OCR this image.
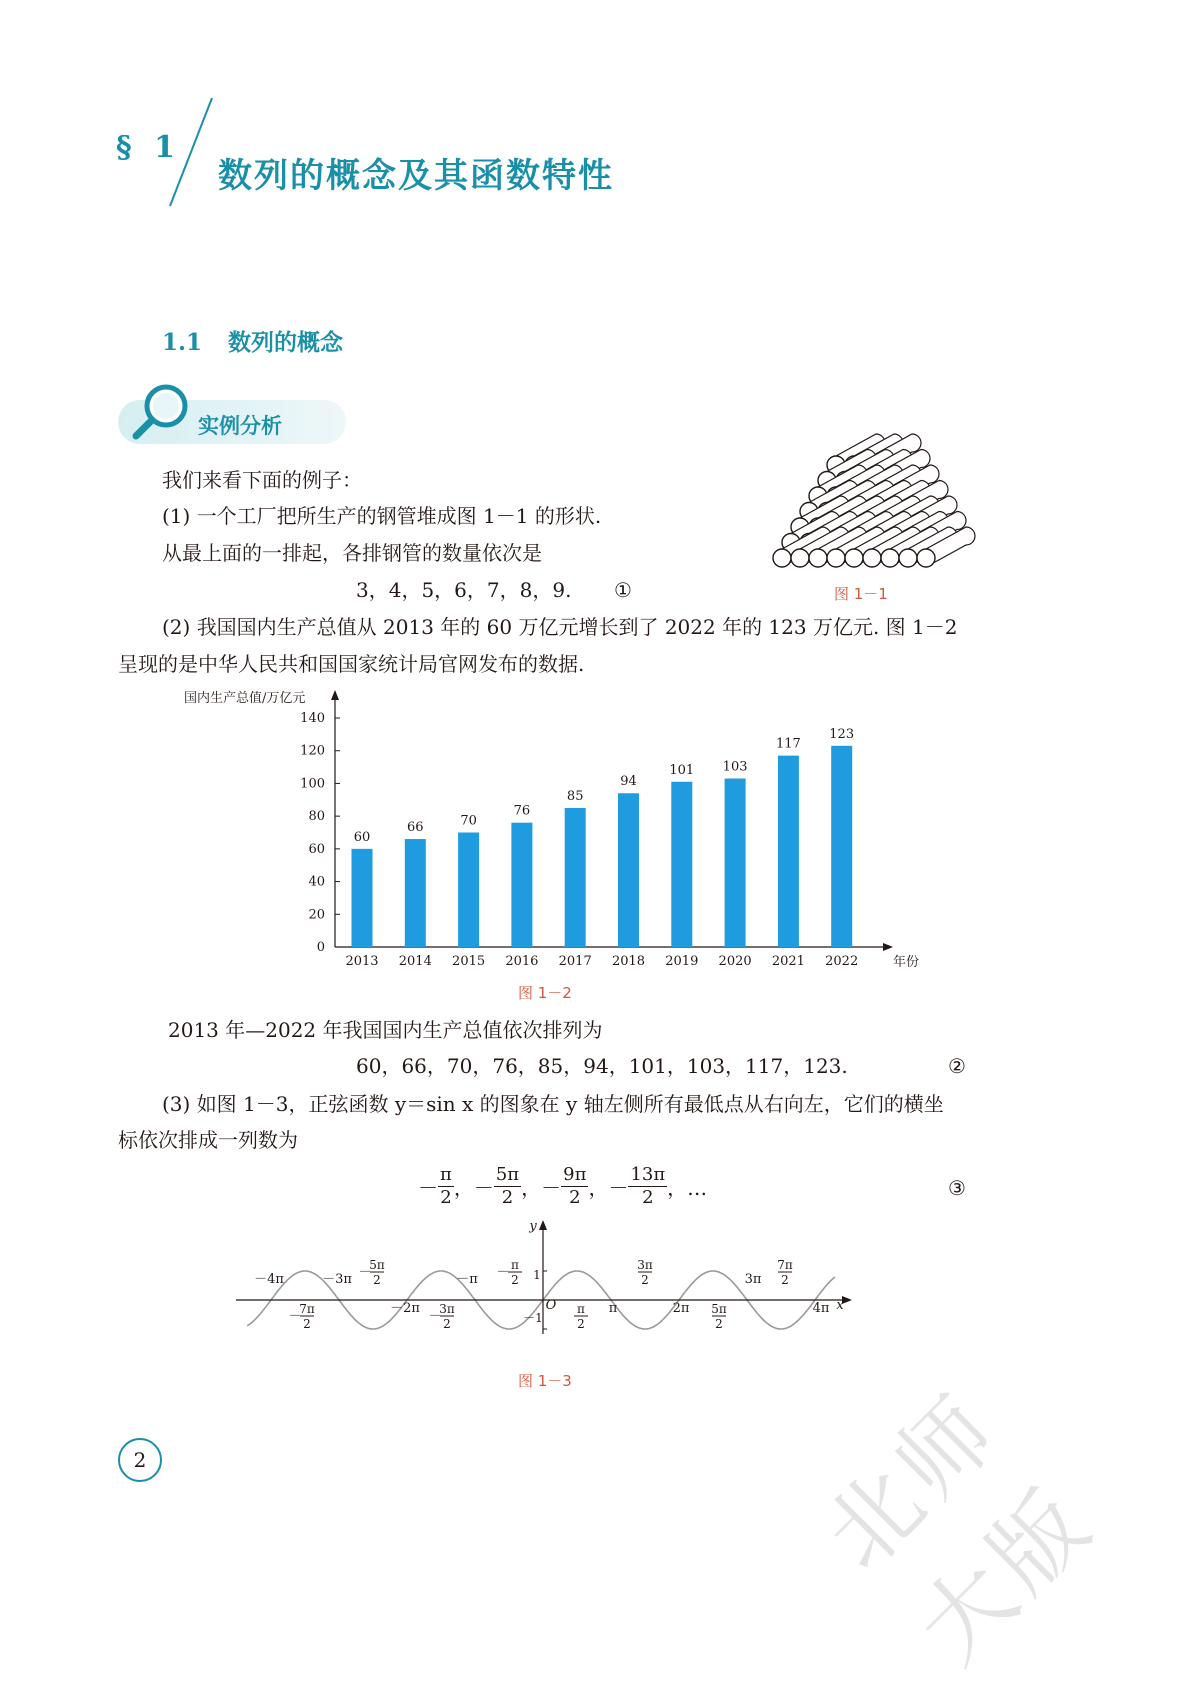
§ 1
数列的概念及其函数特性
1.1 数列的概念
实例分析
我们来看下面的例子：
(1) 一个工厂把所生产的钢管堆成图 1－1 的形状.
从最上面的一排起，各排钢管的数量依次是
3，4，5，6，7，8，9. ①	图 1－1
(2) 我国国内生产总值从 2013 年的 60 万亿元增长到了 2022 年的 123 万亿元. 图 1－2
呈现的是中华人民共和国国家统计局官网发布的数据.
0
20
40
60
80
100
120
140
国内生产总值/万亿元
60
2013
66
2014
70
2015
76
2016
85
2017
94
2018
101
2019
103
2020
117
2021
123
2022	年份
图 1－2
2013 年—2022 年我国国内生产总值依次排列为
60，66，70，76，85，94，101，103，117，123.	②
(3) 如图 1－3，正弦函数 y＝sin x 的图象在 y 轴左侧所有最低点从右向左，它们的横坐
标依次排成一列数为
－ $\frac{\pi}{2}$ ，－ $\frac{5\pi}{2}$ ，－ $\frac{9\pi}{2}$ ，－ $\frac{13\pi}{2}$ ，…	③
y
x
O
1
－1
－4π	－3π －
5π
2	－π － π
2
－
7π
2
－2π
－
3π
2
π
2
π
3π
2
2π 5π
2
3π
7π
2
4π
图 1－3
2	北师大版
